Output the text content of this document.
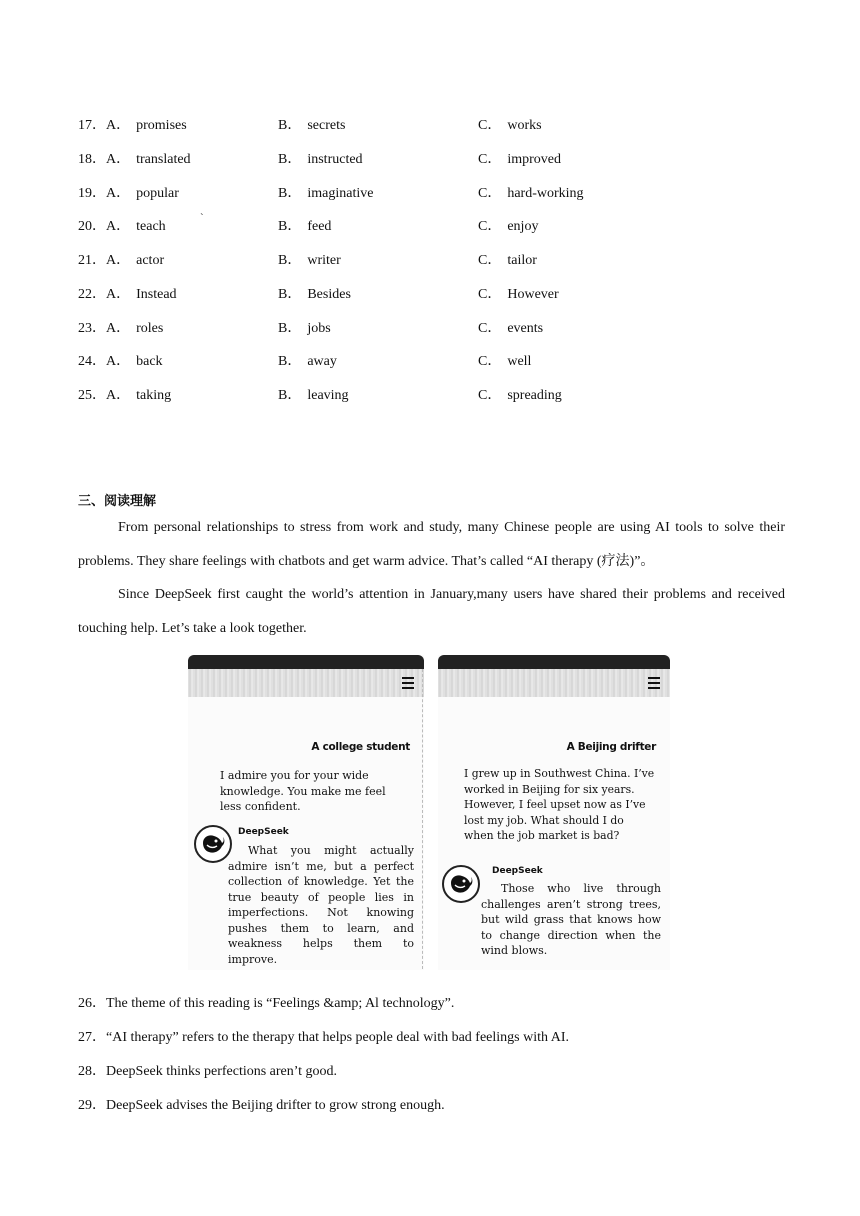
17．A． promises	B． secrets	C． works
18．A． translated	B． instructed	C． improved
19．A． popular	B． imaginative	C． hard-working
20．A． teach	B． feed	C． enjoy
21．A． actor	B． writer	C． tailor
22．A． Instead	B． Besides	C． However
23．A． roles	B． jobs	C． events
24．A． back	B． away	C． well
25．A． taking	B． leaving	C． spreading
`
三、阅读理解
From personal relationships to stress from work and study, many Chinese people are using AI tools to solve their problems. They share feelings with chatbots and get warm advice. That’s called “AI therapy (疗法)”。
Since DeepSeek first caught the world’s attention in January,many users have shared their problems and received touching help. Let’s take a look together.
A college student
I admire you for your wide knowledge. You make me feel less confident.
DeepSeek
What you might actually admire isn’t me, but a perfect collection of knowledge. Yet the true beauty of people lies in imperfections. Not knowing pushes them to learn, and weakness helps them to improve.
A Beijing drifter
I grew up in Southwest China. I’ve worked in Beijing for six years. However, I feel upset now as I’ve lost my job. What should I do when the job market is bad?
DeepSeek
Those who live through challenges aren’t strong trees, but wild grass that knows how to change direction when the wind blows.
26．The theme of this reading is “Feelings &amp; Al technology”.
27．“AI therapy” refers to the therapy that helps people deal with bad feelings with AI.
28．DeepSeek thinks perfections aren’t good.
29．DeepSeek advises the Beijing drifter to grow strong enough.
